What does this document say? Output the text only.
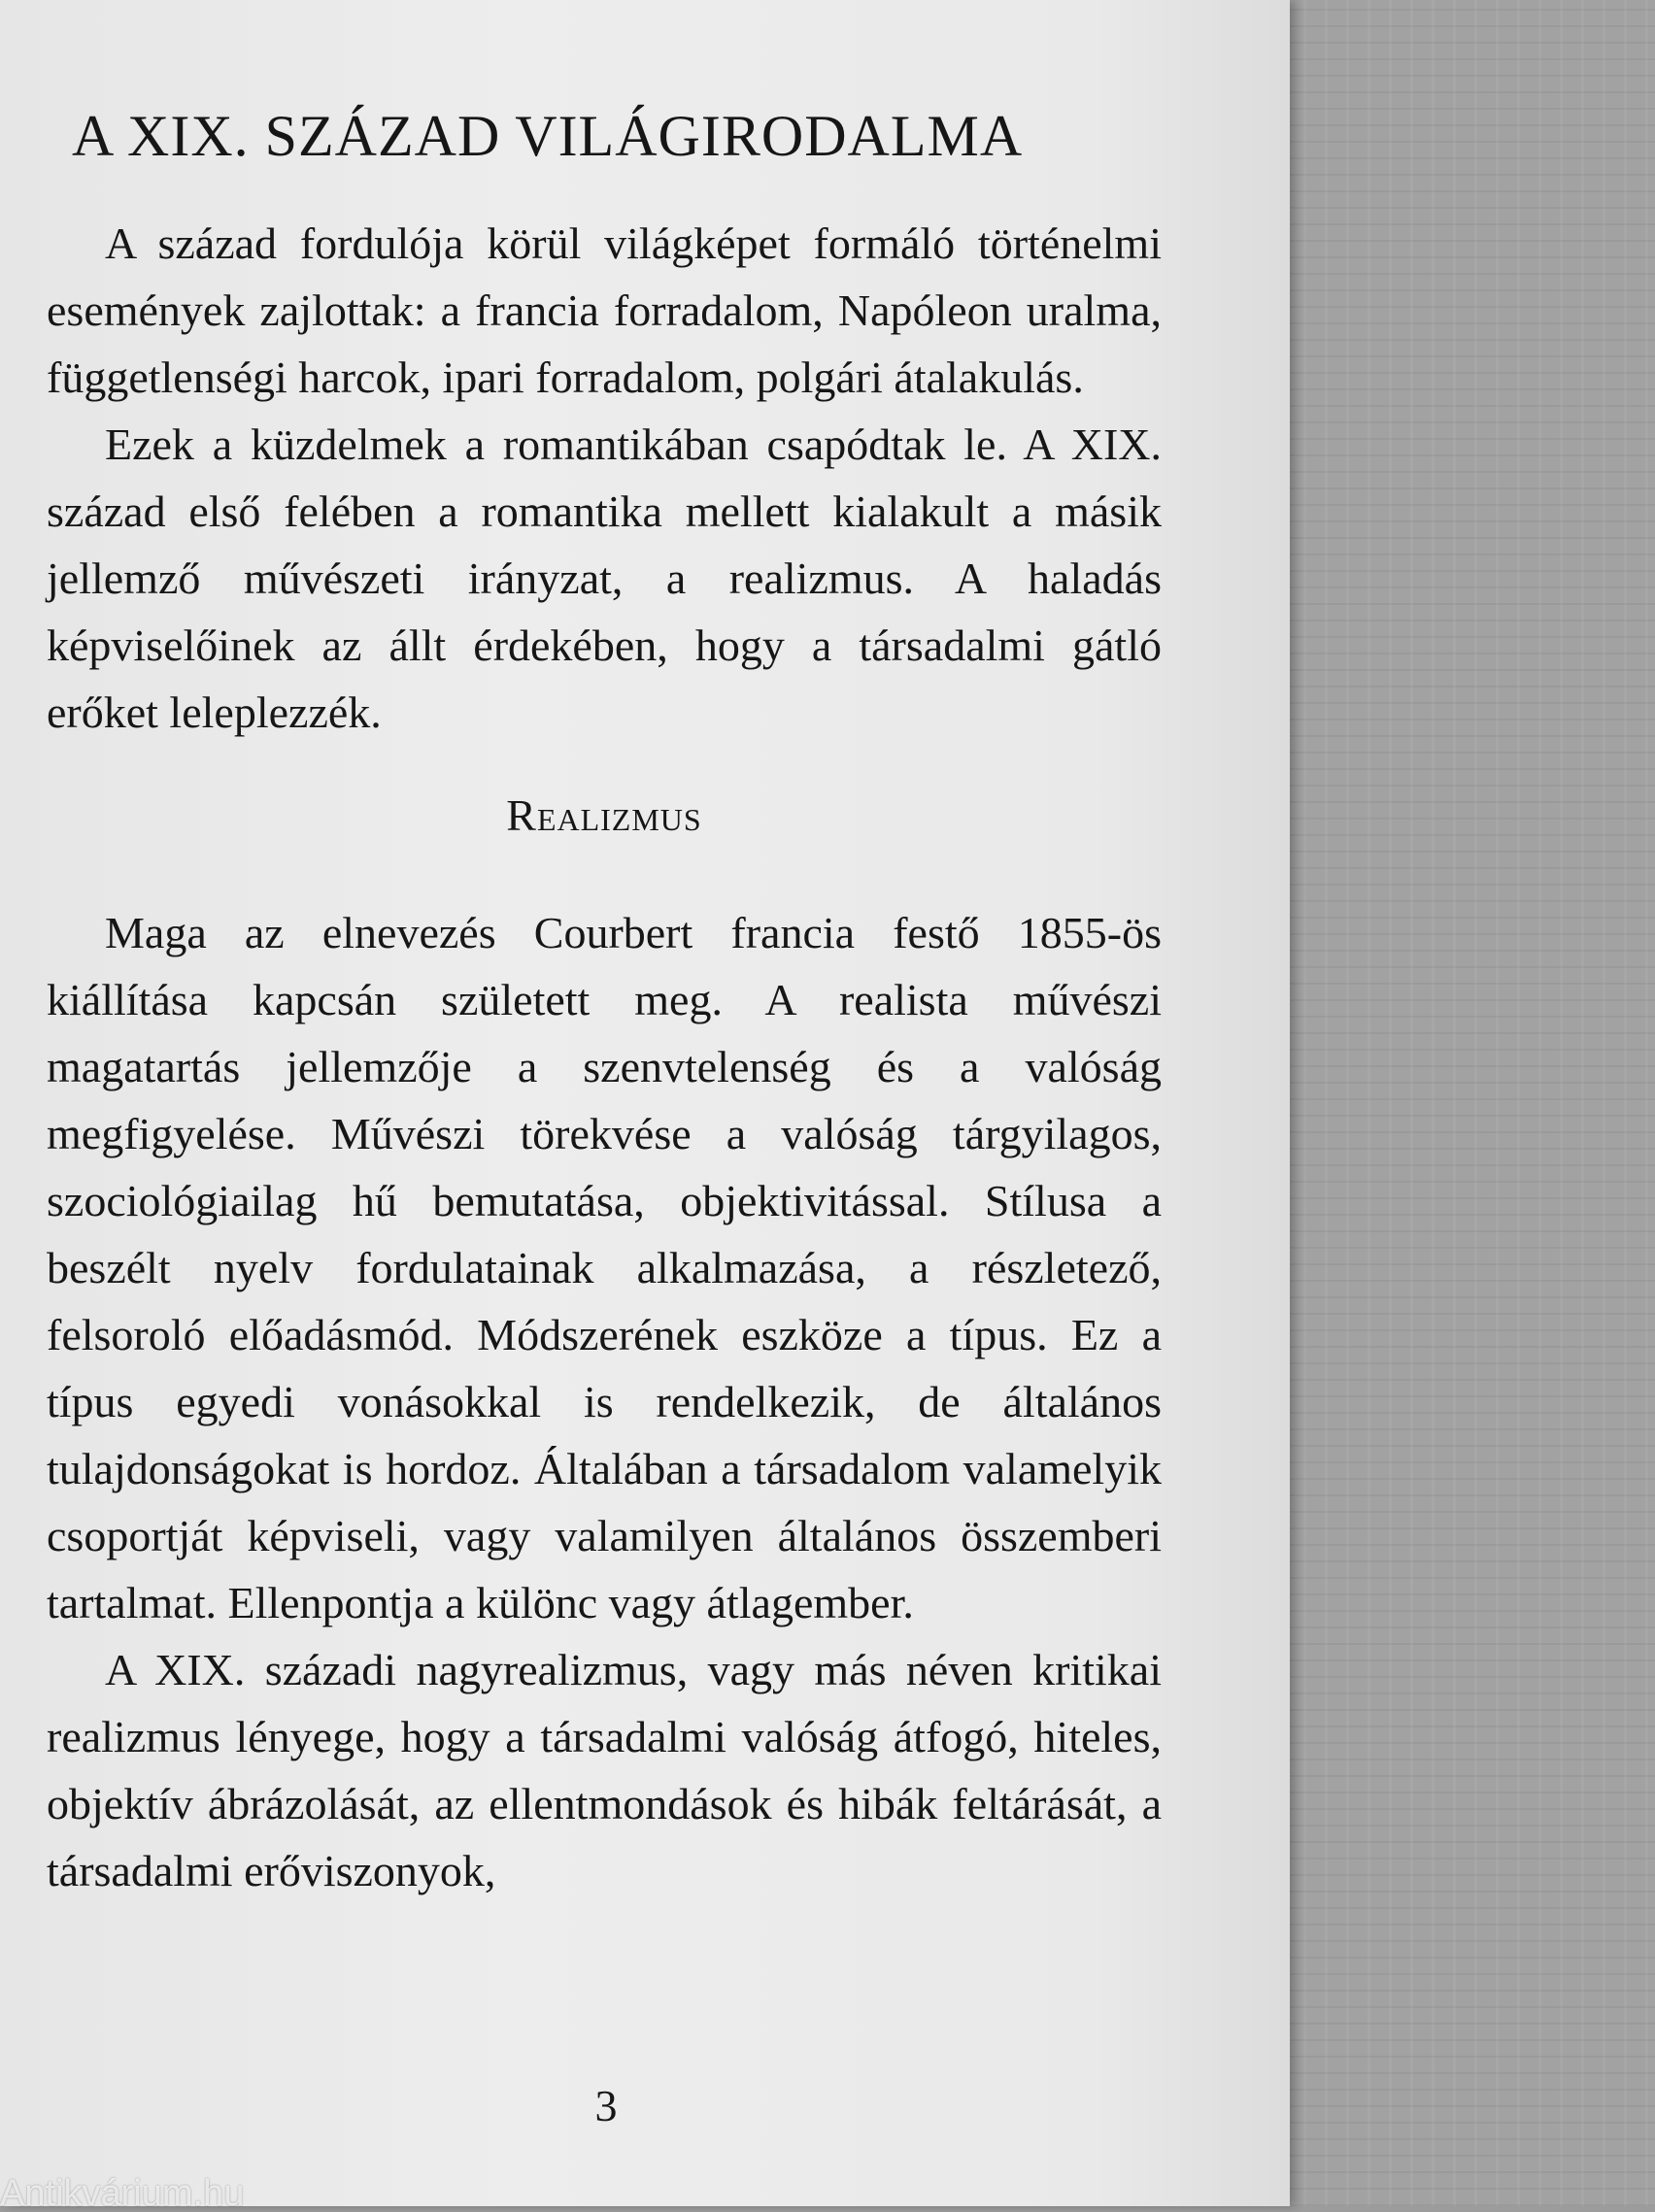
A XIX. SZÁZAD VILÁGIRODALMA

A század fordulója körül világképet formáló történelmi események zajlottak: a francia forradalom, Napóleon uralma, függetlenségi harcok, ipari forradalom, polgári átalakulás.

Ezek a küzdelmek a romantikában csapódtak le. A XIX. század első felében a romantika mellett kialakult a másik jellemző művészeti irányzat, a realizmus. A haladás képviselőinek az állt érdekében, hogy a társadalmi gátló erőket leleplezzék.

Realizmus

Maga az elnevezés Courbert francia festő 1855-ös kiállítása kapcsán született meg. A realista művészi magatartás jellemzője a szenvtelenség és a valóság megfigyelése. Művészi törekvése a valóság tárgyilagos, szociológiailag hű bemutatása, objektivitással. Stílusa a beszélt nyelv fordulatainak alkalmazása, a részletező, felsoroló előadásmód. Módszerének eszköze a típus. Ez a típus egyedi vonásokkal is rendelkezik, de általános tulajdonságokat is hordoz. Általában a társadalom valamelyik csoportját képviseli, vagy valamilyen általános összemberi tartalmat. Ellenpontja a különc vagy átlagember.

A XIX. századi nagyrealizmus, vagy más néven kritikai realizmus lényege, hogy a társadalmi valóság átfogó, hiteles, objektív ábrázolását, az ellentmondások és hibák feltárását, a társadalmi erőviszonyok,

3
Antikvárium.hu
